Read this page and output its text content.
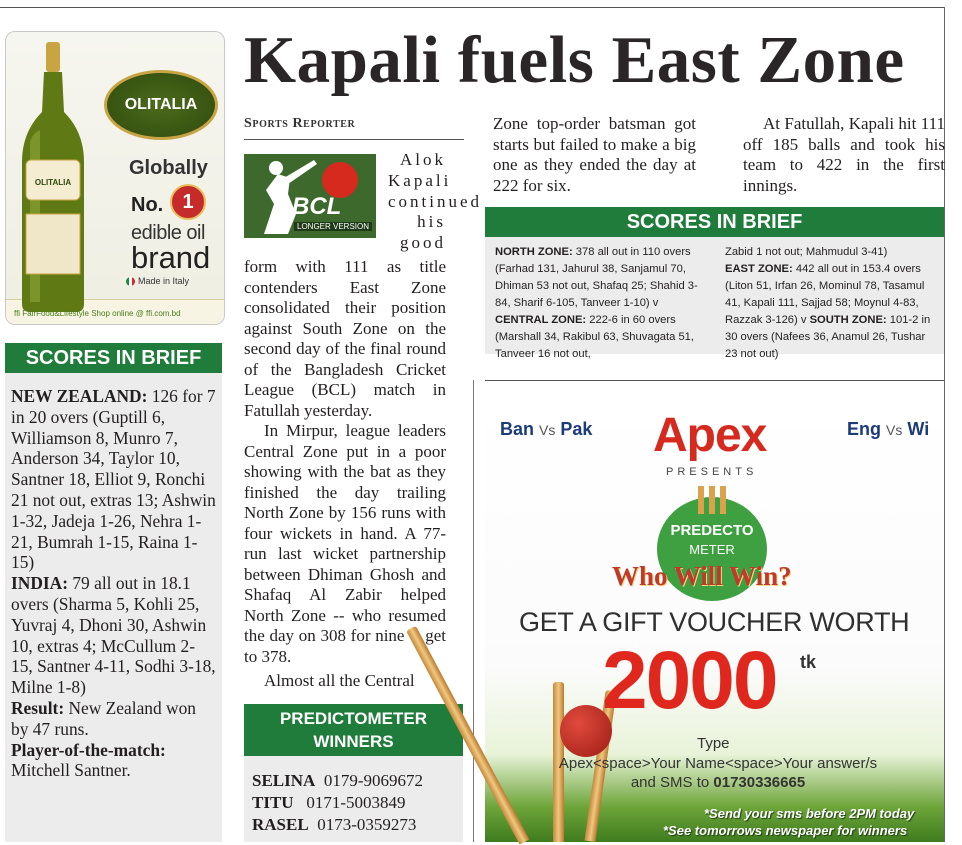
Kapali fuels East Zone
OLITALIA
OLITALIA
Globally
No. 1
edible oil
brand
Made in Italy
ffi FairFood&Lifestyle Shop online @ ffi.com.bd
SCORES IN BRIEF
NEW ZEALAND: 126 for 7 in 20 overs (Guptill 6, Williamson 8, Munro 7, Anderson 34, Taylor 10, Santner 18, Elliot 9, Ronchi 21 not out, extras 13; Ashwin 1-32, Jadeja 1-26, Nehra 1-21, Bumrah 1-15, Raina 1-15)
INDIA: 79 all out in 18.1 overs (Sharma 5, Kohli 25, Yuvraj 4, Dhoni 30, Ashwin 10, extras 4; McCullum 2-15, Santner 4-11, Sodhi 3-18, Milne 1-8)
Result: New Zealand won by 47 runs.
Player-of-the-match: Mitchell Santner.
Sports Reporter
BCL
LONGER VERSION
Alok Kapali continued his good
form with 111 as title contenders East Zone consolidated their position against South Zone on the second day of the final round of the Bangladesh Cricket League (BCL) match in Fatullah yesterday.
In Mirpur, league leaders Central Zone put in a poor showing with the bat as they finished the day trailing North Zone by 156 runs with four wickets in hand. A 77-run last wicket partnership between Dhiman Ghosh and Shafaq Al Zabir helped North Zone -- who resumed the day on 308 for nine -- get to 378.
Almost all the Central
Zone top-order batsman got starts but failed to make a big one as they ended the day at 222 for six.
At Fatullah, Kapali hit 111 off 185 balls and took his team to 422 in the first innings.
SCORES IN BRIEF
NORTH ZONE: 378 all out in 110 overs (Farhad 131, Jahurul 38, Sanjamul 70, Dhiman 53 not out, Shafaq 25; Shahid 3-84, Sharif 6-105, Tanveer 1-10) v CENTRAL ZONE: 222-6 in 60 overs (Marshall 34, Rakibul 63, Shuvagata 51, Tanveer 16 not out,
Zabid 1 not out; Mahmudul 3-41)
EAST ZONE: 442 all out in 153.4 overs (Liton 51, Irfan 26, Mominul 78, Tasamul 41, Kapali 111, Sajjad 58; Moynul 4-83, Razzak 3-126) v SOUTH ZONE: 101-2 in 30 overs (Nafees 36, Anamul 26, Tushar 23 not out)
PREDICTOMETER
WINNERS
SELINA 0179-9069672
TITU 0171-5003849
RASEL 0173-0359273
Ban Vs Pak	Eng Vs Wi
Apex
PRESENTS
PREDECTO
METER
Who Will Win?
GET A GIFT VOUCHER WORTH
2000 tk
Type
Apex<space>Your Name<space>Your answer/s
and SMS to 01730336665
*Send your sms before 2PM today
*See tomorrows newspaper for winners
